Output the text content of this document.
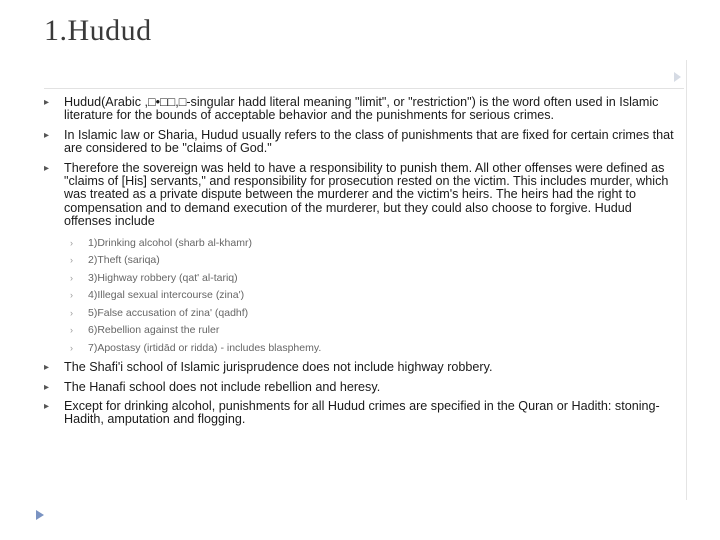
1.Hudud
▸ Hudud(Arabic ,□•□□,□-singular hadd literal meaning "limit", or "restriction") is the word often used in Islamic literature for the bounds of acceptable behavior and the punishments for serious crimes.
▸ In Islamic law or Sharia, Hudud usually refers to the class of punishments that are fixed for certain crimes that are considered to be "claims of God."
▸ Therefore the sovereign was held to have a responsibility to punish them. All other offenses were defined as "claims of [His] servants," and responsibility for prosecution rested on the victim. This includes murder, which was treated as a private dispute between the murderer and the victim's heirs. The heirs had the right to compensation and to demand execution of the murderer, but they could also choose to forgive. Hudud offenses include
› 1)Drinking alcohol (sharb al-khamr)
› 2)Theft (sariqa)
› 3)Highway robbery (qat' al-tariq)
› 4)Illegal sexual intercourse (zina')
› 5)False accusation of zina' (qadhf)
› 6)Rebellion against the ruler
› 7)Apostasy (irtidād or ridda) - includes blasphemy.
▸ The Shafi'i school of Islamic jurisprudence does not include highway robbery.
▸ The Hanafi school does not include rebellion and heresy.
▸ Except for drinking alcohol, punishments for all Hudud crimes are specified in the Quran or Hadith: stoning-Hadith, amputation and flogging.
